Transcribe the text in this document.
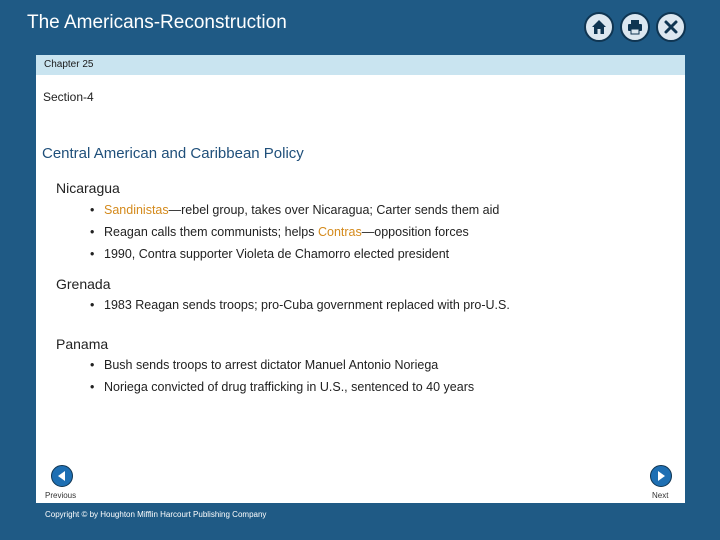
The Americans-Reconstruction
Chapter 25
Section-4
Central American and Caribbean Policy
Nicaragua
• Sandinistas—rebel group, takes over Nicaragua; Carter sends them aid
• Reagan calls them communists; helps Contras—opposition forces
• 1990, Contra supporter Violeta de Chamorro elected president
Grenada
• 1983 Reagan sends troops; pro-Cuba government replaced with pro-U.S.
Panama
• Bush sends troops to arrest dictator Manuel Antonio Noriega
• Noriega convicted of drug trafficking in U.S., sentenced to 40 years
Previous	Next
Copyright © by Houghton Mifflin Harcourt Publishing Company
